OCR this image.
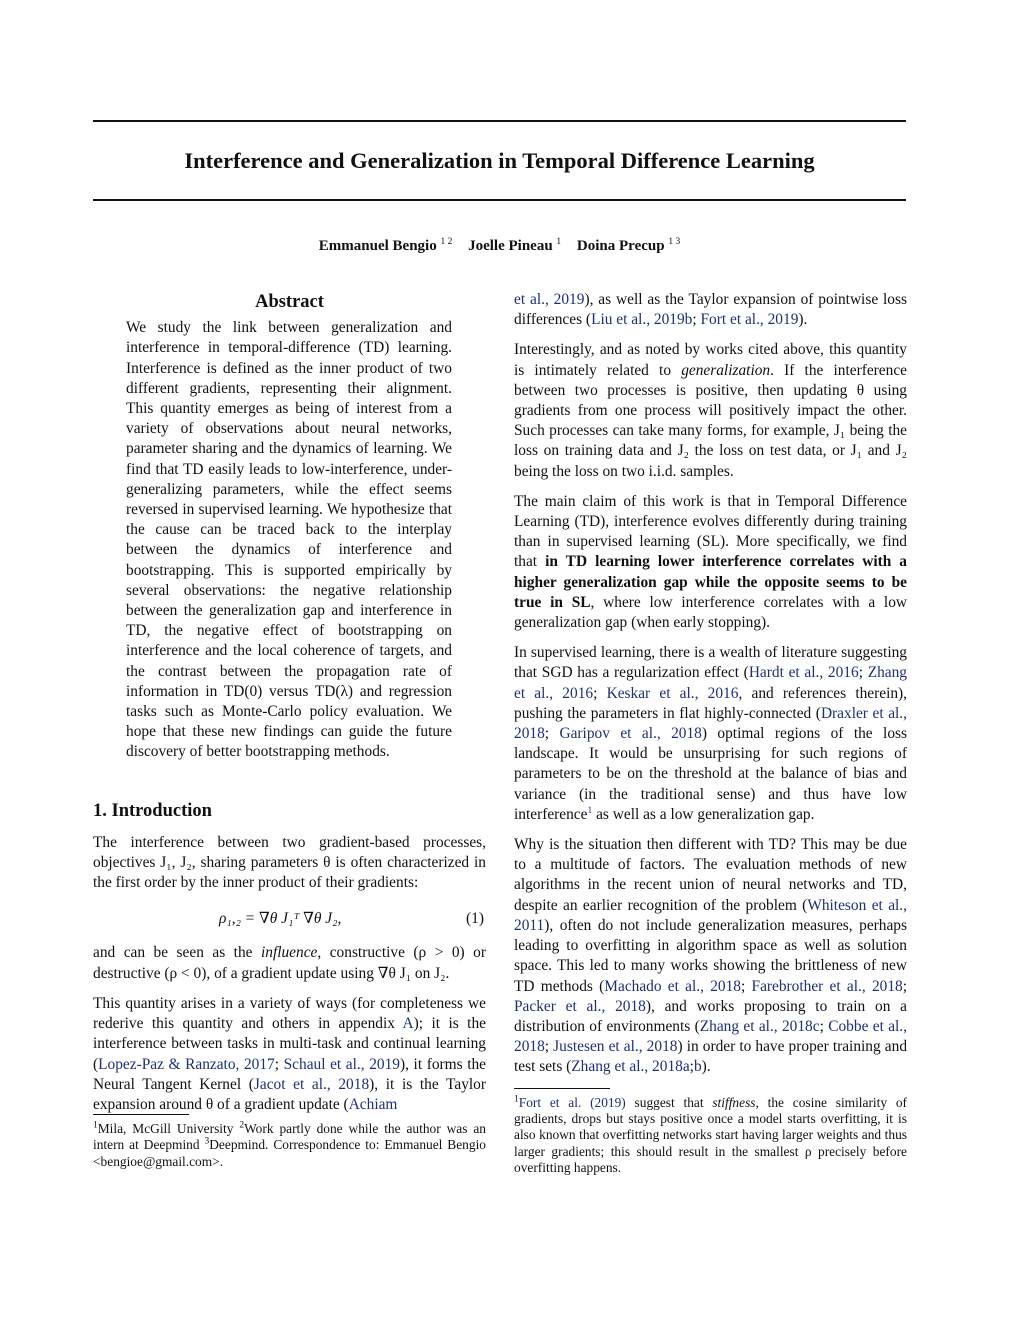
Interference and Generalization in Temporal Difference Learning
Emmanuel Bengio $^{1 2}$ Joelle Pineau $^1$ Doina Precup $^{1 3}$
Abstract

We study the link between generalization and interference in temporal-difference (TD) learning. Interference is defined as the inner product of two different gradients, representing their alignment. This quantity emerges as being of interest from a variety of observations about neural networks, parameter sharing and the dynamics of learning. We find that TD easily leads to low-interference, under-generalizing parameters, while the effect seems reversed in supervised learning. We hypothesize that the cause can be traced back to the interplay between the dynamics of interference and bootstrapping. This is supported empirically by several observations: the negative relationship between the generalization gap and interference in TD, the negative effect of bootstrapping on interference and the local coherence of targets, and the contrast between the propagation rate of information in TD(0) versus TD(λ) and regression tasks such as Monte-Carlo policy evaluation. We hope that these new findings can guide the future discovery of better bootstrapping methods.

1. Introduction

The interference between two gradient-based processes, objectives J₁, J₂, sharing parameters θ is often characterized in the first order by the inner product of their gradients:

ρ₁,₂ = ∇θ J₁ᵀ ∇θ J₂,	(1)

and can be seen as the influence, constructive (ρ > 0) or destructive (ρ < 0), of a gradient update using ∇θ J₁ on J₂.

This quantity arises in a variety of ways (for completeness we rederive this quantity and others in appendix A); it is the interference between tasks in multi-task and continual learning (Lopez-Paz & Ranzato, 2017; Schaul et al., 2019), it forms the Neural Tangent Kernel (Jacot et al., 2018), it is the Taylor expansion around θ of a gradient update (Achiam

$^1$Mila, McGill University $^2$Work partly done while the author was an intern at Deepmind $^3$Deepmind. Correspondence to: Emmanuel Bengio <bengioe@gmail.com>.

et al., 2019), as well as the Taylor expansion of pointwise loss differences (Liu et al., 2019b; Fort et al., 2019).

Interestingly, and as noted by works cited above, this quantity is intimately related to generalization. If the interference between two processes is positive, then updating θ using gradients from one process will positively impact the other. Such processes can take many forms, for example, J₁ being the loss on training data and J₂ the loss on test data, or J₁ and J₂ being the loss on two i.i.d. samples.

The main claim of this work is that in Temporal Difference Learning (TD), interference evolves differently during training than in supervised learning (SL). More specifically, we find that in TD learning lower interference correlates with a higher generalization gap while the opposite seems to be true in SL, where low interference correlates with a low generalization gap (when early stopping).

In supervised learning, there is a wealth of literature suggesting that SGD has a regularization effect (Hardt et al., 2016; Zhang et al., 2016; Keskar et al., 2016, and references therein), pushing the parameters in flat highly-connected (Draxler et al., 2018; Garipov et al., 2018) optimal regions of the loss landscape. It would be unsurprising for such regions of parameters to be on the threshold at the balance of bias and variance (in the traditional sense) and thus have low interference$^1$ as well as a low generalization gap.

Why is the situation then different with TD? This may be due to a multitude of factors. The evaluation methods of new algorithms in the recent union of neural networks and TD, despite an earlier recognition of the problem (Whiteson et al., 2011), often do not include generalization measures, perhaps leading to overfitting in algorithm space as well as solution space. This led to many works showing the brittleness of new TD methods (Machado et al., 2018; Farebrother et al., 2018; Packer et al., 2018), and works proposing to train on a distribution of environments (Zhang et al., 2018c; Cobbe et al., 2018; Justesen et al., 2018) in order to have proper training and test sets (Zhang et al., 2018a;b).

$^1$Fort et al. (2019) suggest that stiffness, the cosine similarity of gradients, drops but stays positive once a model starts overfitting, it is also known that overfitting networks start having larger weights and thus larger gradients; this should result in the smallest ρ precisely before overfitting happens.
